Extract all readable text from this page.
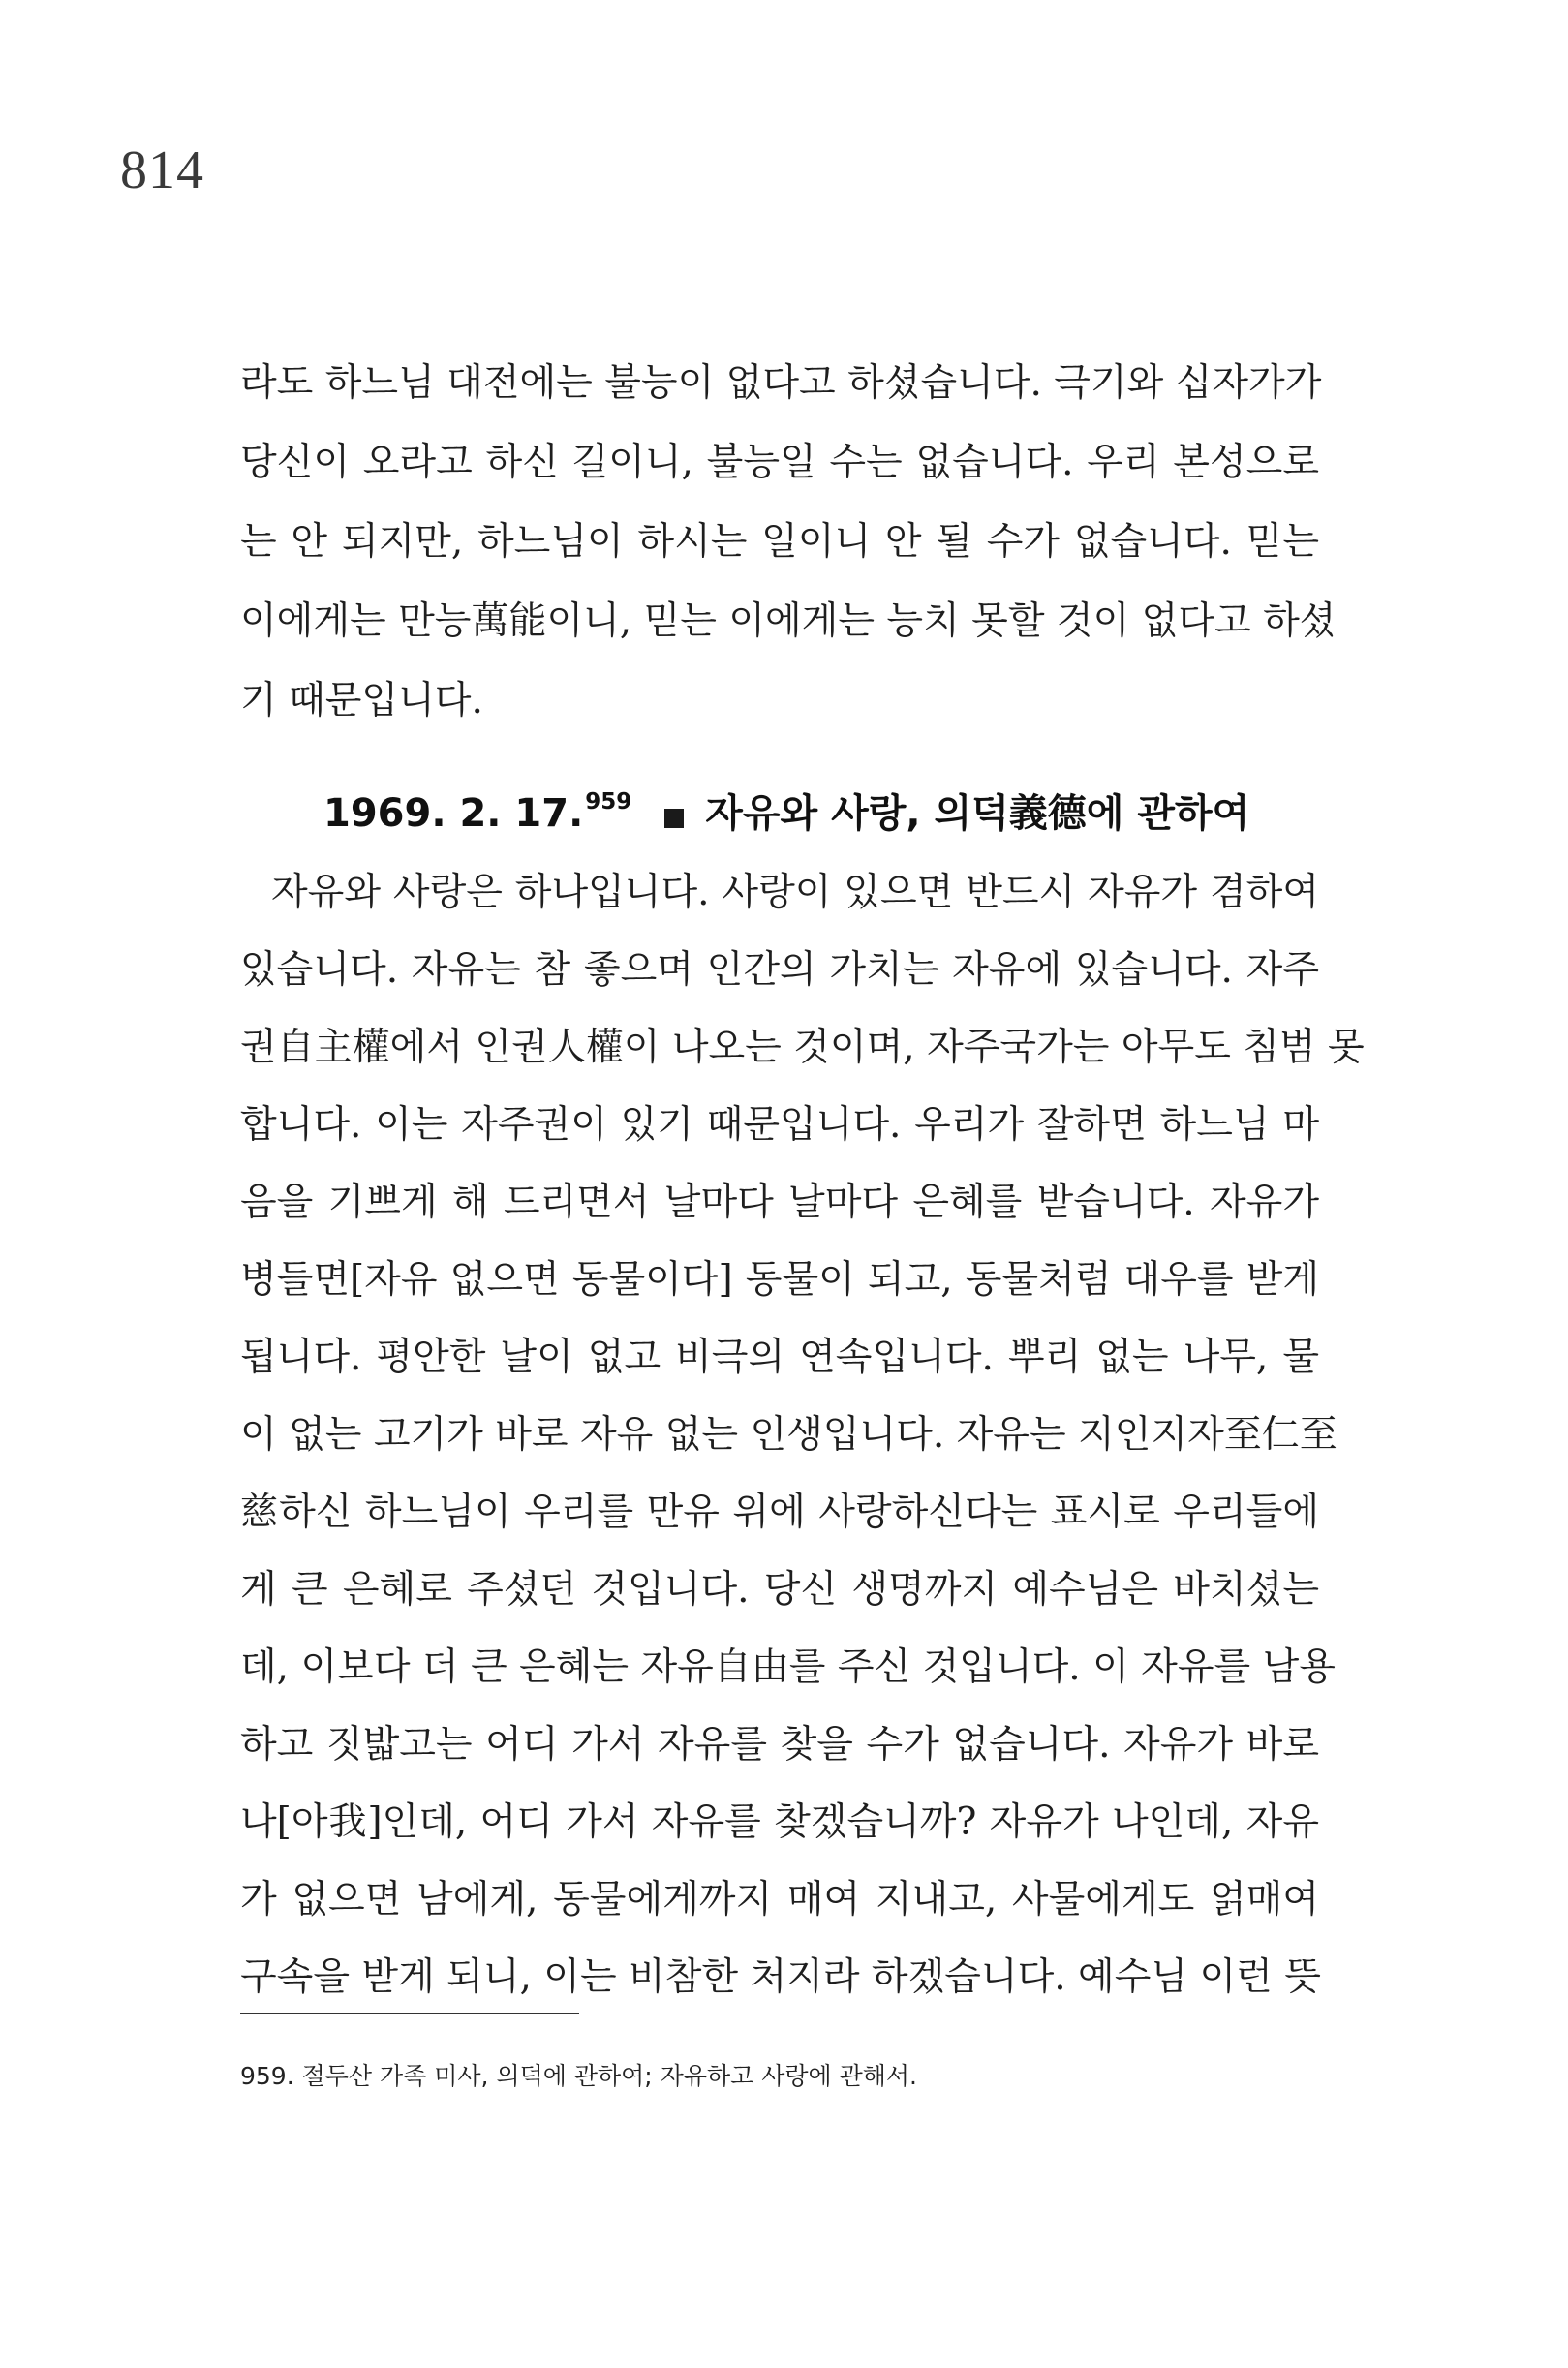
814
라도 하느님 대전에는 불능이 없다고 하셨습니다. 극기와 십자가가
당신이 오라고 하신 길이니, 불능일 수는 없습니다. 우리 본성으로
는 안 되지만, 하느님이 하시는 일이니 안 될 수가 없습니다. 믿는
이에게는 만능萬能이니, 믿는 이에게는 능치 못할 것이 없다고 하셨
기 때문입니다.
1969. 2. 17.$^{959}$ 자유와 사랑, 의덕義德에 관하여
자유와 사랑은 하나입니다. 사랑이 있으면 반드시 자유가 겸하여
있습니다. 자유는 참 좋으며 인간의 가치는 자유에 있습니다. 자주
권自主權에서 인권人權이 나오는 것이며, 자주국가는 아무도 침범 못
합니다. 이는 자주권이 있기 때문입니다. 우리가 잘하면 하느님 마
음을 기쁘게 해 드리면서 날마다 날마다 은혜를 받습니다. 자유가
병들면[자유 없으면 동물이다] 동물이 되고, 동물처럼 대우를 받게
됩니다. 평안한 날이 없고 비극의 연속입니다. 뿌리 없는 나무, 물
이 없는 고기가 바로 자유 없는 인생입니다. 자유는 지인지자至仁至
慈하신 하느님이 우리를 만유 위에 사랑하신다는 표시로 우리들에
게 큰 은혜로 주셨던 것입니다. 당신 생명까지 예수님은 바치셨는
데, 이보다 더 큰 은혜는 자유自由를 주신 것입니다. 이 자유를 남용
하고 짓밟고는 어디 가서 자유를 찾을 수가 없습니다. 자유가 바로
나[아我]인데, 어디 가서 자유를 찾겠습니까? 자유가 나인데, 자유
가 없으면 남에게, 동물에게까지 매여 지내고, 사물에게도 얽매여
구속을 받게 되니, 이는 비참한 처지라 하겠습니다. 예수님 이런 뜻
959. 절두산 가족 미사, 의덕에 관하여; 자유하고 사랑에 관해서.
